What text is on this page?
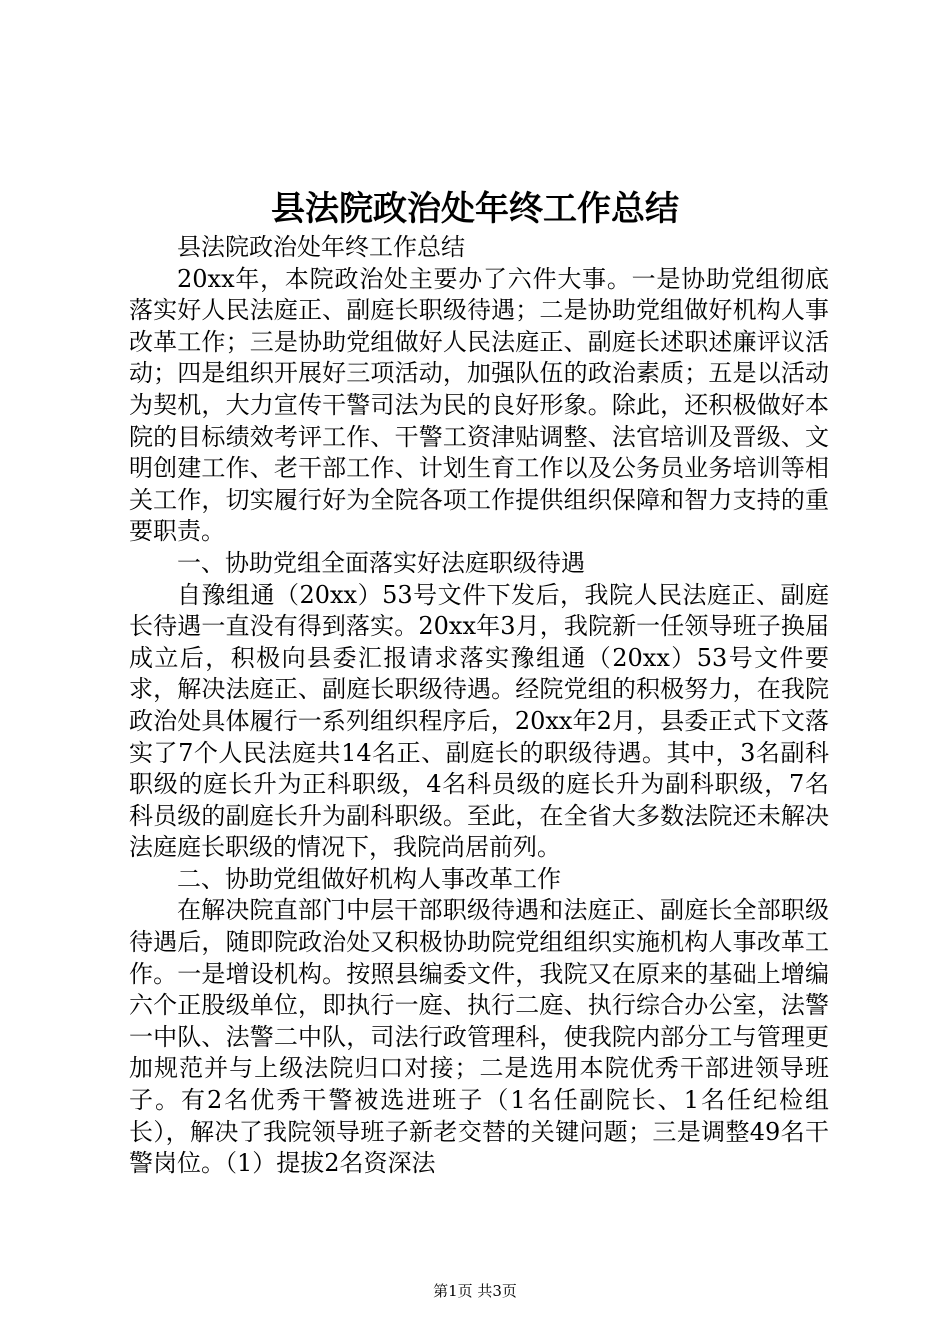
县法院政治处年终工作总结

县法院政治处年终工作总结

20xx年，本院政治处主要办了六件大事。一是协助党组彻底落实好人民法庭正、副庭长职级待遇；二是协助党组做好机构人事改革工作；三是协助党组做好人民法庭正、副庭长述职述廉评议活动；四是组织开展好三项活动，加强队伍的政治素质；五是以活动为契机，大力宣传干警司法为民的良好形象。除此，还积极做好本院的目标绩效考评工作、干警工资津贴调整、法官培训及晋级、文明创建工作、老干部工作、计划生育工作以及公务员业务培训等相关工作，切实履行好为全院各项工作提供组织保障和智力支持的重要职责。

一、协助党组全面落实好法庭职级待遇

自豫组通（20xx）53号文件下发后，我院人民法庭正、副庭长待遇一直没有得到落实。20xx年3月，我院新一任领导班子换届成立后，积极向县委汇报请求落实豫组通（20xx）53号文件要求，解决法庭正、副庭长职级待遇。经院党组的积极努力，在我院政治处具体履行一系列组织程序后，20xx年2月，县委正式下文落实了7个人民法庭共14名正、副庭长的职级待遇。其中，3名副科职级的庭长升为正科职级，4名科员级的庭长升为副科职级，7名科员级的副庭长升为副科职级。至此，在全省大多数法院还未解决法庭庭长职级的情况下，我院尚居前列。

二、协助党组做好机构人事改革工作

在解决院直部门中层干部职级待遇和法庭正、副庭长全部职级待遇后，随即院政治处又积极协助院党组组织实施机构人事改革工作。一是增设机构。按照县编委文件，我院又在原来的基础上增编六个正股级单位，即执行一庭、执行二庭、执行综合办公室，法警一中队、法警二中队，司法行政管理科，使我院内部分工与管理更加规范并与上级法院归口对接；二是选用本院优秀干部进领导班子。有2名优秀干警被选进班子（1名任副院长、1名任纪检组长），解决了我院领导班子新老交替的关键问题；三是调整49名干警岗位。（1）提拔2名资深法

第1页 共3页
